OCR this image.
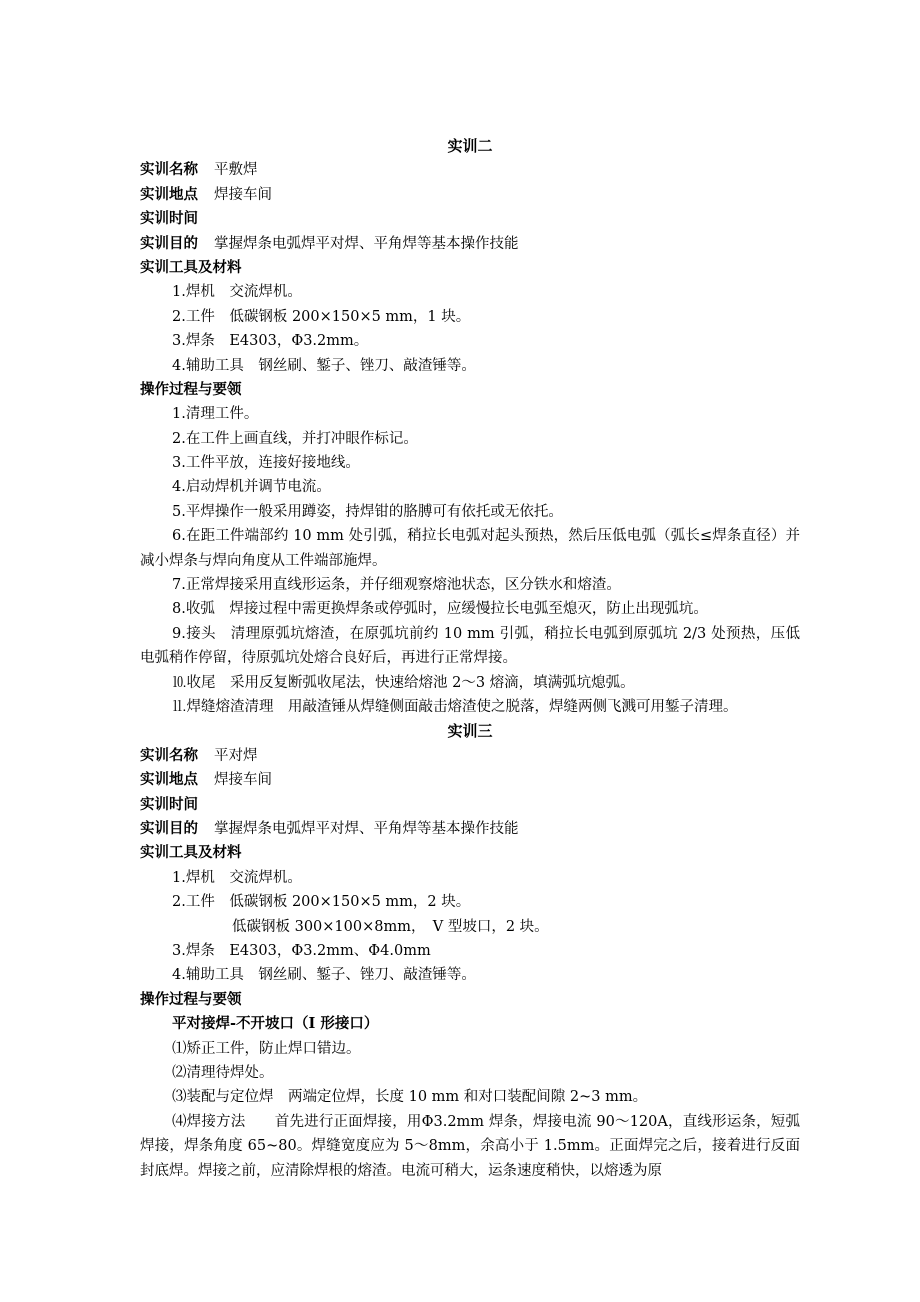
实训二
实训名称 平敷焊
实训地点 焊接车间
实训时间
实训目的 掌握焊条电弧焊平对焊、平角焊等基本操作技能
实训工具及材料
1.焊机　交流焊机。
2.工件　低碳钢板 200×150×5 mm，1 块。
3.焊条　E4303，Φ3.2mm。
4.辅助工具　钢丝刷、錾子、锉刀、敲渣锤等。
操作过程与要领
1.清理工件。
2.在工件上画直线，并打冲眼作标记。
3.工件平放，连接好接地线。
4.启动焊机并调节电流。
5.平焊操作一般采用蹲姿，持焊钳的胳膊可有依托或无依托。
6.在距工件端部约 10 mm 处引弧，稍拉长电弧对起头预热，然后压低电弧（弧长≤焊条直径）并减小焊条与焊向角度从工件端部施焊。
7.正常焊接采用直线形运条，并仔细观察熔池状态，区分铁水和熔渣。
8.收弧　焊接过程中需更换焊条或停弧时，应缓慢拉长电弧至熄灭，防止出现弧坑。
9.接头　清理原弧坑熔渣，在原弧坑前约 10 mm 引弧，稍拉长电弧到原弧坑 2/3 处预热，压低电弧稍作停留，待原弧坑处熔合良好后，再进行正常焊接。
⒑收尾　采用反复断弧收尾法，快速给熔池 2～3 熔滴，填满弧坑熄弧。
⒒焊缝熔渣清理　用敲渣锤从焊缝侧面敲击熔渣使之脱落，焊缝两侧飞溅可用錾子清理。
实训三
实训名称 平对焊
实训地点 焊接车间
实训时间
实训目的 掌握焊条电弧焊平对焊、平角焊等基本操作技能
实训工具及材料
1.焊机　交流焊机。
2.工件　低碳钢板 200×150×5 mm，2 块。
低碳钢板 300×100×8mm，　V 型坡口，2 块。
3.焊条　E4303，Φ3.2mm、Φ4.0mm
4.辅助工具　钢丝刷、錾子、锉刀、敲渣锤等。
操作过程与要领
平对接焊-不开坡口（I 形接口）
⑴矫正工件，防止焊口错边。
⑵清理待焊处。
⑶装配与定位焊　两端定位焊，长度 10 mm 和对口装配间隙 2~3 mm。
⑷焊接方法　　首先进行正面焊接，用Φ3.2mm 焊条，焊接电流 90～120A，直线形运条，短弧焊接，焊条角度 65~80。焊缝宽度应为 5～8mm，余高小于 1.5mm。正面焊完之后，接着进行反面封底焊。焊接之前，应清除焊根的熔渣。电流可稍大，运条速度稍快，以熔透为原
